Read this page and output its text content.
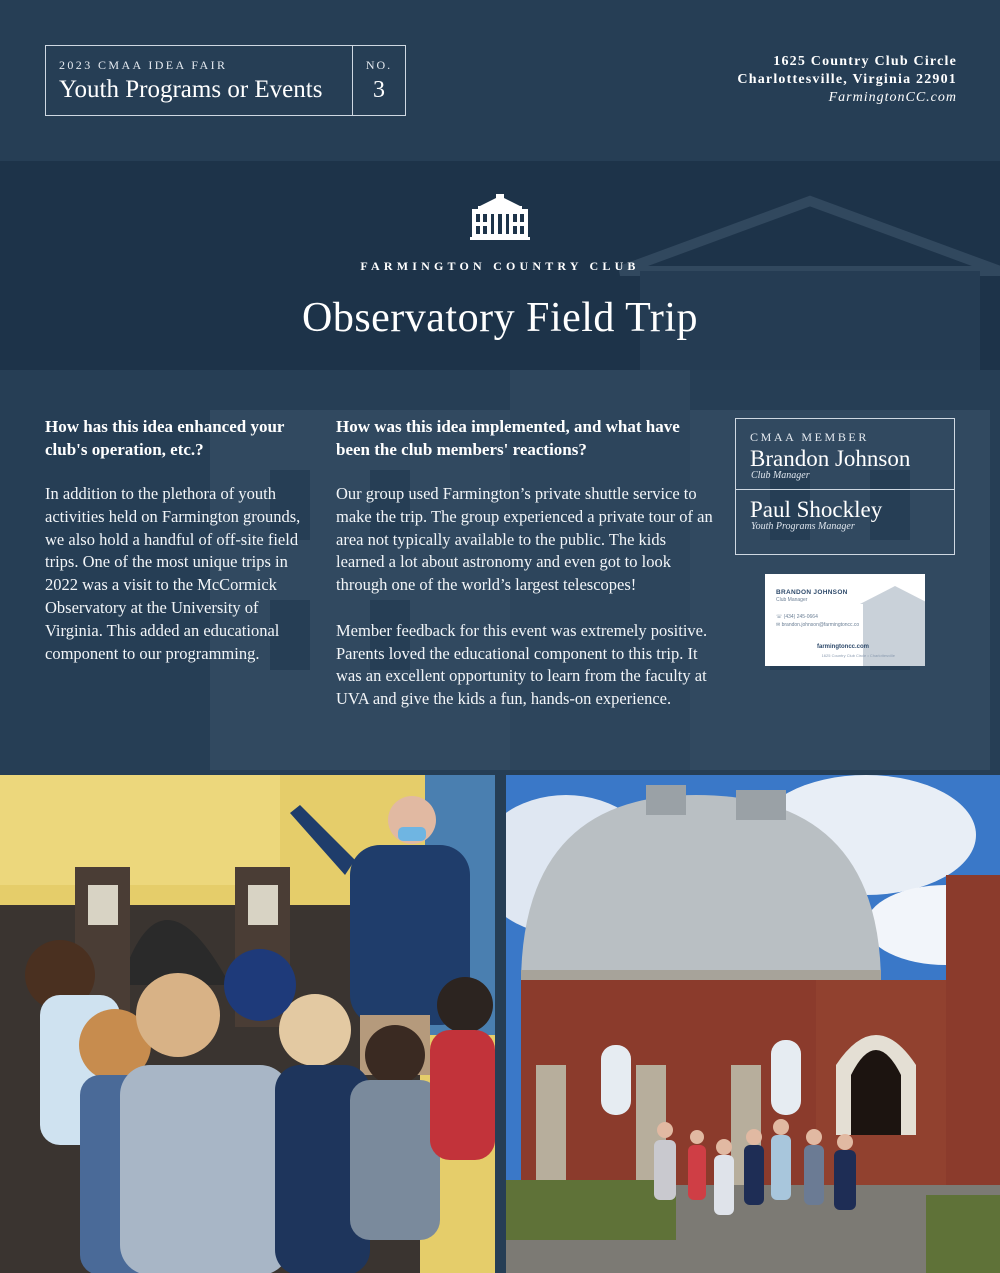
2023 CMAA IDEA FAIR
Youth Programs or Events
NO.
3
1625 Country Club Circle
Charlottesville, Virginia 22901
FarmingtonCC.com
FARMINGTON COUNTRY CLUB
Observatory Field Trip
How has this idea enhanced your club's operation, etc.?

In addition to the plethora of youth activities held on Farmington grounds, we also hold a handful of off-site field trips. One of the most unique trips in 2022 was a visit to the McCormick Observatory at the University of Virginia. This added an educational component to our programming.

How was this idea implemented, and what have been the club members' reactions?

Our group used Farmington’s private shuttle service to make the trip. The group experienced a private tour of an area not typically available to the public. The kids learned a lot about astronomy and even got to look through one of the world’s largest telescopes!

Member feedback for this event was extremely positive. Parents loved the educational component to this trip. It was an excellent opportunity to learn from the faculty at UVA and give the kids a fun, hands-on experience.

CMAA MEMBER
Brandon Johnson
Club Manager
Paul Shockley
Youth Programs Manager
BRANDON JOHNSON
Club Manager
☏ (434) 245-0664
✉ brandon.johnson@farmingtoncc.co
farmingtoncc.com
1625 Country Club Circle • Charlottesville
